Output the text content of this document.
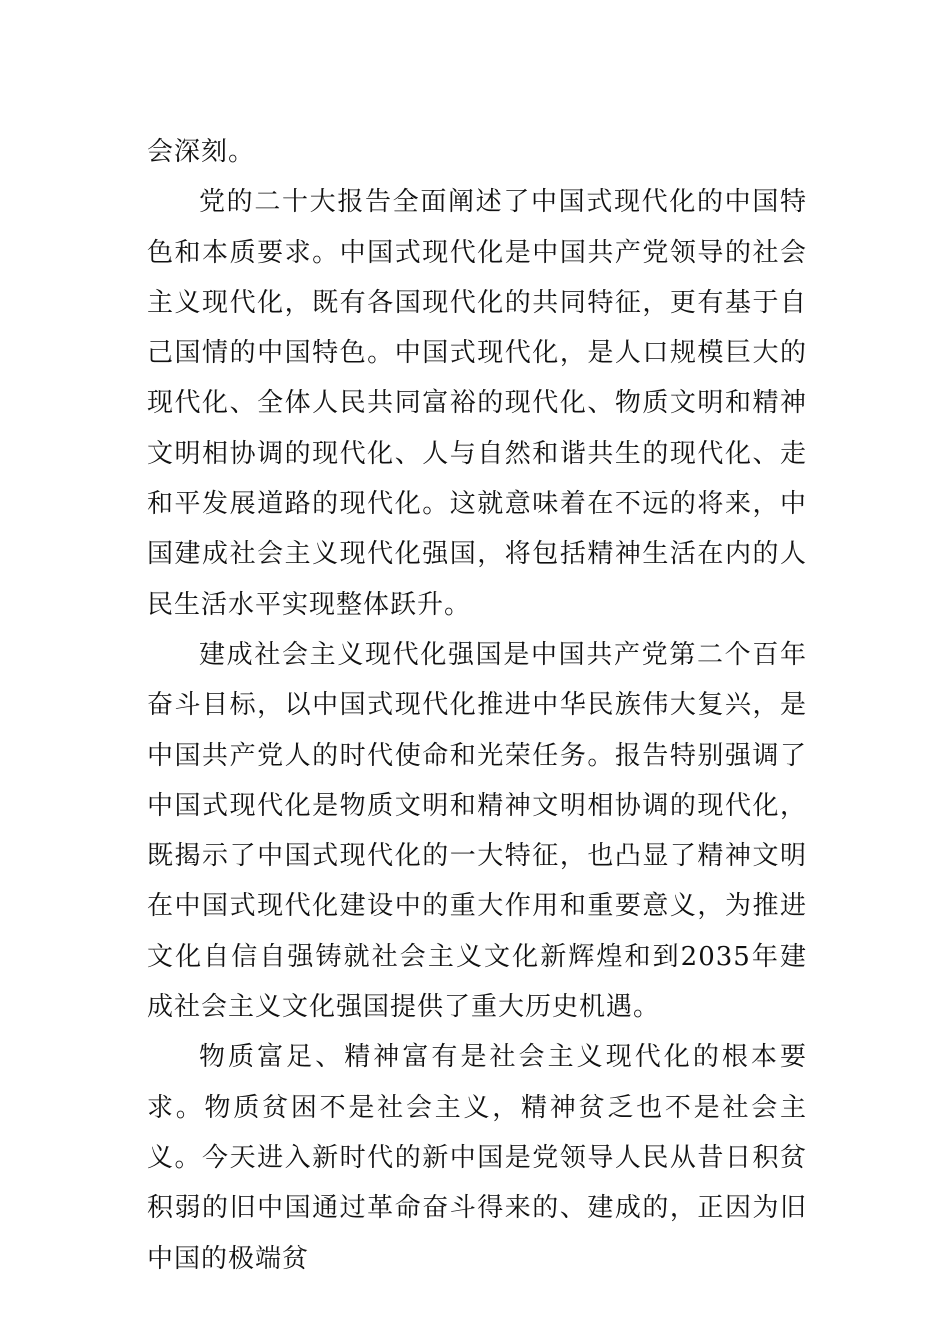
会深刻。

党的二十大报告全面阐述了中国式现代化的中国特色和本质要求。中国式现代化是中国共产党领导的社会主义现代化，既有各国现代化的共同特征，更有基于自己国情的中国特色。中国式现代化，是人口规模巨大的现代化、全体人民共同富裕的现代化、物质文明和精神文明相协调的现代化、人与自然和谐共生的现代化、走和平发展道路的现代化。这就意味着在不远的将来，中国建成社会主义现代化强国，将包括精神生活在内的人民生活水平实现整体跃升。

建成社会主义现代化强国是中国共产党第二个百年奋斗目标，以中国式现代化推进中华民族伟大复兴，是中国共产党人的时代使命和光荣任务。报告特别强调了中国式现代化是物质文明和精神文明相协调的现代化，既揭示了中国式现代化的一大特征，也凸显了精神文明在中国式现代化建设中的重大作用和重要意义，为推进文化自信自强铸就社会主义文化新辉煌和到2035年建成社会主义文化强国提供了重大历史机遇。

物质富足、精神富有是社会主义现代化的根本要求。物质贫困不是社会主义，精神贫乏也不是社会主义。今天进入新时代的新中国是党领导人民从昔日积贫积弱的旧中国通过革命奋斗得来的、建成的，正因为旧中国的极端贫
